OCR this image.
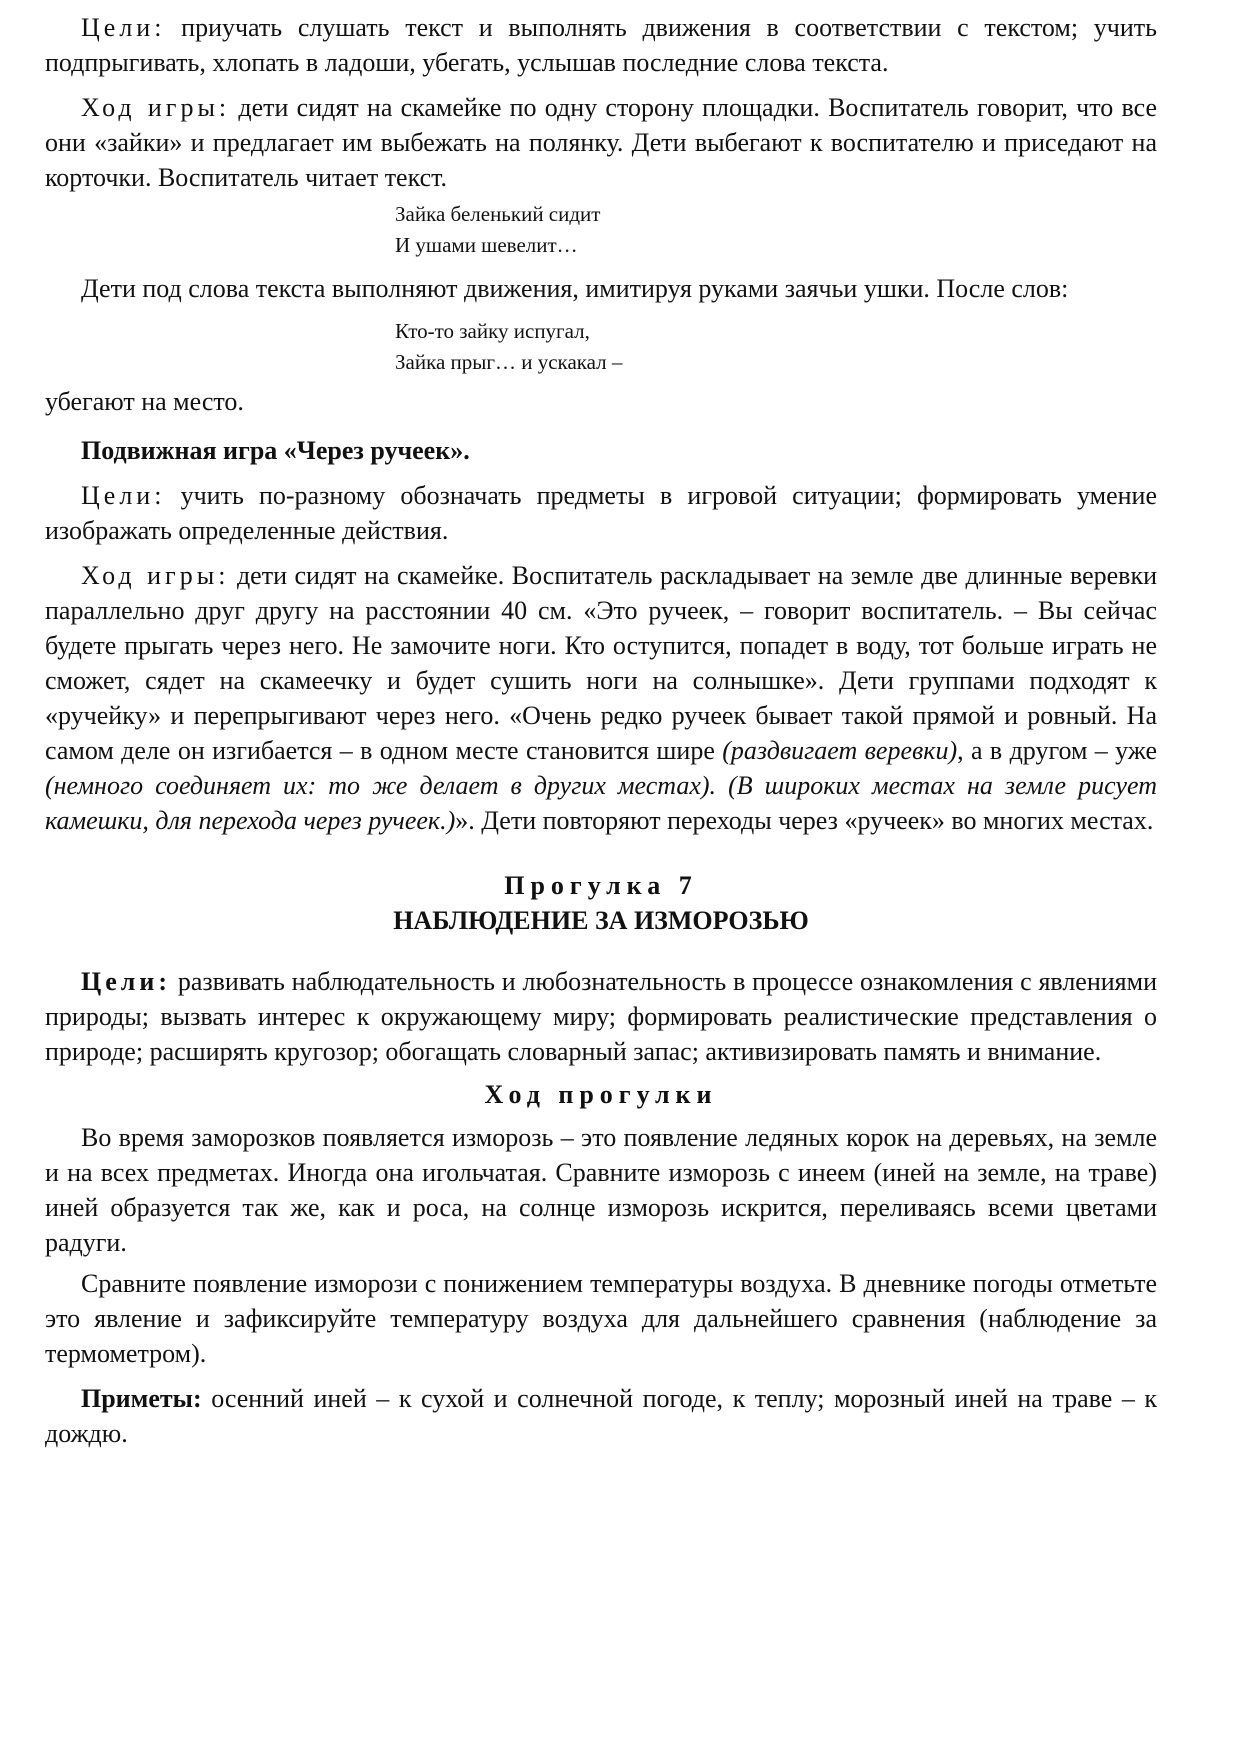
Цели: приучать слушать текст и выполнять движения в соответствии с текстом; учить подпрыгивать, хлопать в ладоши, убегать, услышав последние слова текста.

Ход игры: дети сидят на скамейке по одну сторону площадки. Воспитатель говорит, что все они «зайки» и предлагает им выбежать на полянку. Дети выбегают к воспитателю и приседают на корточки. Воспитатель читает текст.

Зайка беленький сидит
И ушами шевелит…

Дети под слова текста выполняют движения, имитируя руками заячьи ушки. После слов:

Кто-то зайку испугал,
Зайка прыг… и ускакал –

убегают на место.

Подвижная игра «Через ручеек».

Цели: учить по-разному обозначать предметы в игровой ситуации; формировать умение изображать определенные действия.

Ход игры: дети сидят на скамейке. Воспитатель раскладывает на земле две длинные веревки параллельно друг другу на расстоянии 40 см. «Это ручеек, – говорит воспитатель. – Вы сейчас будете прыгать через него. Не замочите ноги. Кто оступится, попадет в воду, тот больше играть не сможет, сядет на скамеечку и будет сушить ноги на солнышке». Дети группами подходят к «ручейку» и перепрыгивают через него. «Очень редко ручеек бывает такой прямой и ровный. На самом деле он изгибается – в одном месте становится шире (раздвигает веревки), а в другом – уже (немного соединяет их: то же делает в других местах). (В широких местах на земле рисует камешки, для перехода через ручеек.)». Дети повторяют переходы через «ручеек» во многих местах.

Прогулка 7
НАБЛЮДЕНИЕ ЗА ИЗМОРОЗЬЮ

Цели: развивать наблюдательность и любознательность в процессе ознакомления с явлениями природы; вызвать интерес к окружающему миру; формировать реалистические представления о природе; расширять кругозор; обогащать словарный запас; активизировать память и внимание.

Ход прогулки

Во время заморозков появляется изморозь – это появление ледяных корок на деревьях, на земле и на всех предметах. Иногда она игольчатая. Сравните изморозь с инеем (иней на земле, на траве) иней образуется так же, как и роса, на солнце изморозь искрится, переливаясь всеми цветами радуги.

Сравните появление изморози с понижением температуры воздуха. В дневнике погоды отметьте это явление и зафиксируйте температуру воздуха для дальнейшего сравнения (наблюдение за термометром).

Приметы: осенний иней – к сухой и солнечной погоде, к теплу; морозный иней на траве – к дождю.
